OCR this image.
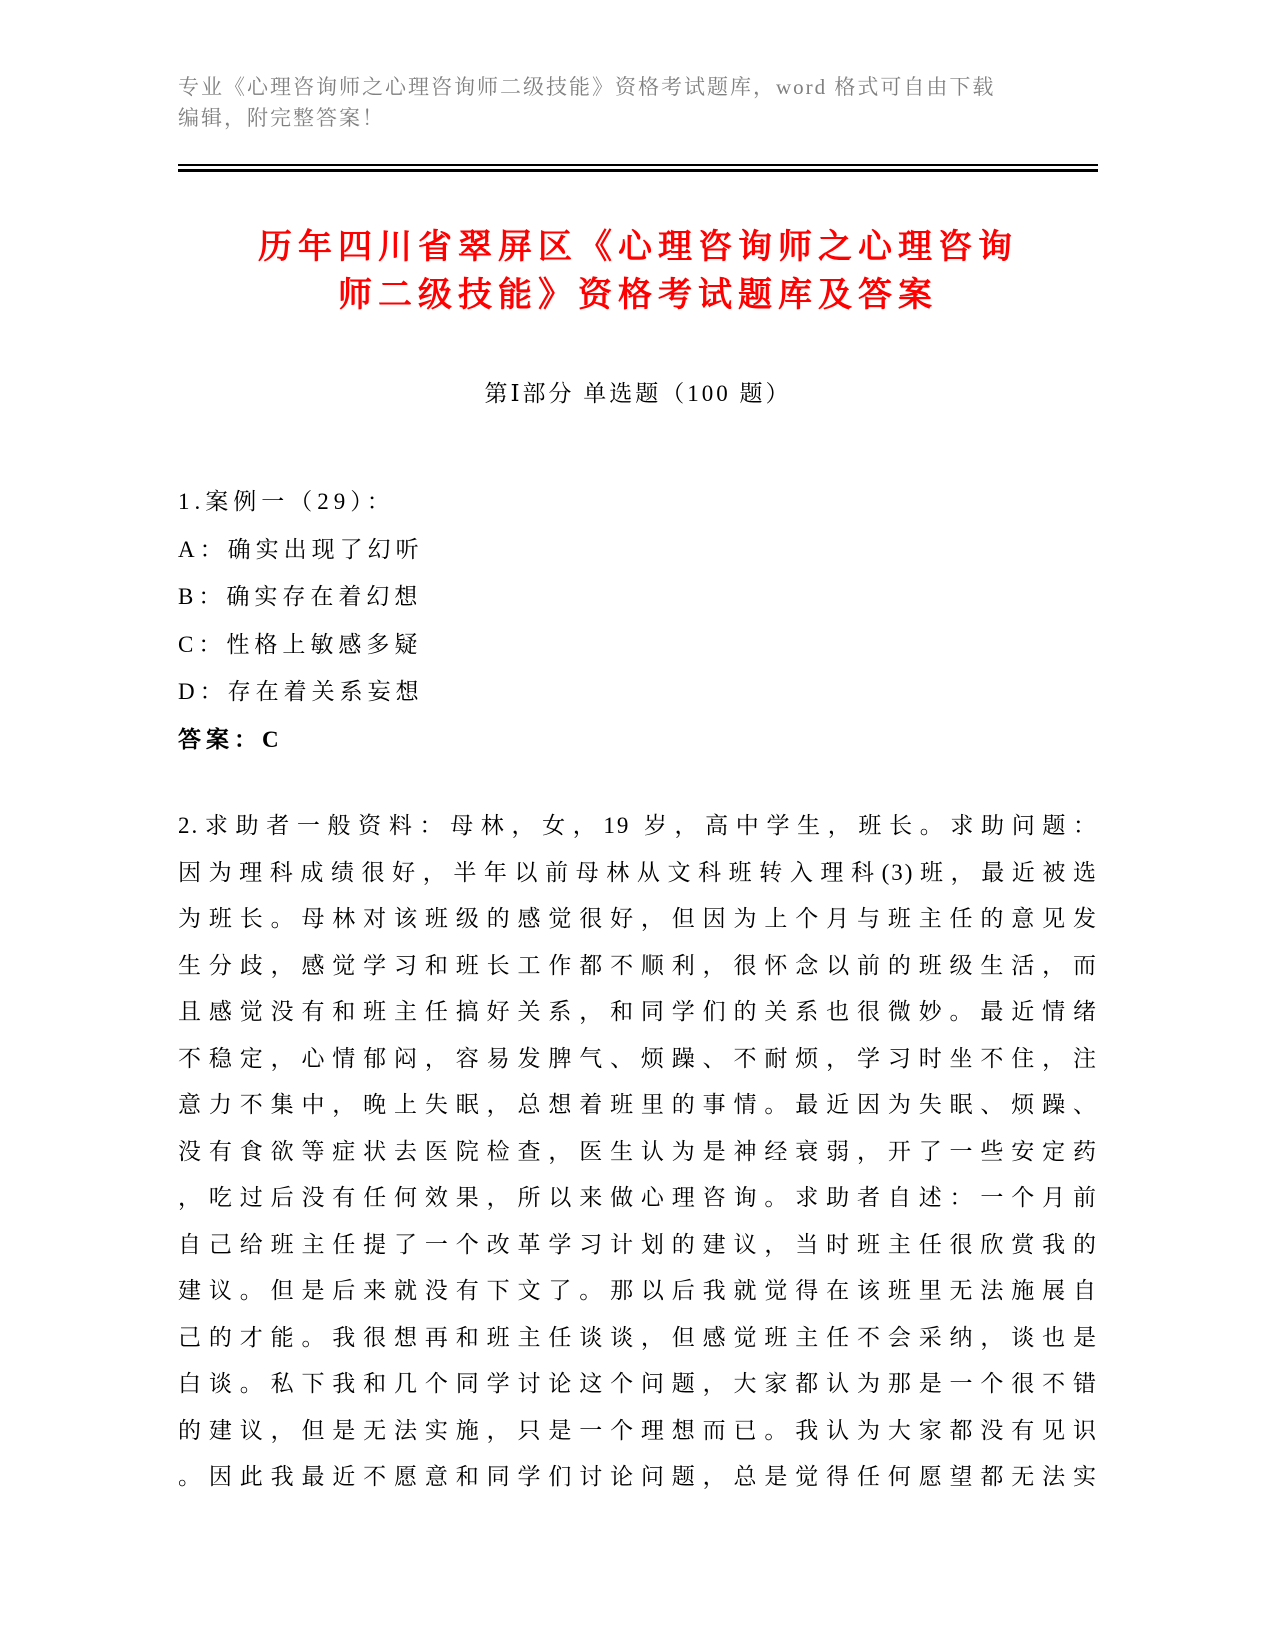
专业《心理咨询师之心理咨询师二级技能》资格考试题库，word 格式可自由下载
编辑，附完整答案！
历年四川省翠屏区《心理咨询师之心理咨询
师二级技能》资格考试题库及答案
第Ⅰ部分 单选题（100 题）
1.案例一（29）：
A：确实出现了幻听
B：确实存在着幻想
C：性格上敏感多疑
D：存在着关系妄想
答案：C
2.求助者一般资料：母林，女，19 岁，高中学生，班长。求助问题：
因为理科成绩很好，半年以前母林从文科班转入理科(3)班，最近被选
为班长。母林对该班级的感觉很好，但因为上个月与班主任的意见发
生分歧，感觉学习和班长工作都不顺利，很怀念以前的班级生活，而
且感觉没有和班主任搞好关系，和同学们的关系也很微妙。最近情绪
不稳定，心情郁闷，容易发脾气、烦躁、不耐烦，学习时坐不住，注
意力不集中，晚上失眠，总想着班里的事情。最近因为失眠、烦躁、
没有食欲等症状去医院检查，医生认为是神经衰弱，开了一些安定药
，吃过后没有任何效果，所以来做心理咨询。求助者自述：一个月前
自己给班主任提了一个改革学习计划的建议，当时班主任很欣赏我的
建议。但是后来就没有下文了。那以后我就觉得在该班里无法施展自
己的才能。我很想再和班主任谈谈，但感觉班主任不会采纳，谈也是
白谈。私下我和几个同学讨论这个问题，大家都认为那是一个很不错
的建议，但是无法实施，只是一个理想而已。我认为大家都没有见识
。因此我最近不愿意和同学们讨论问题，总是觉得任何愿望都无法实
